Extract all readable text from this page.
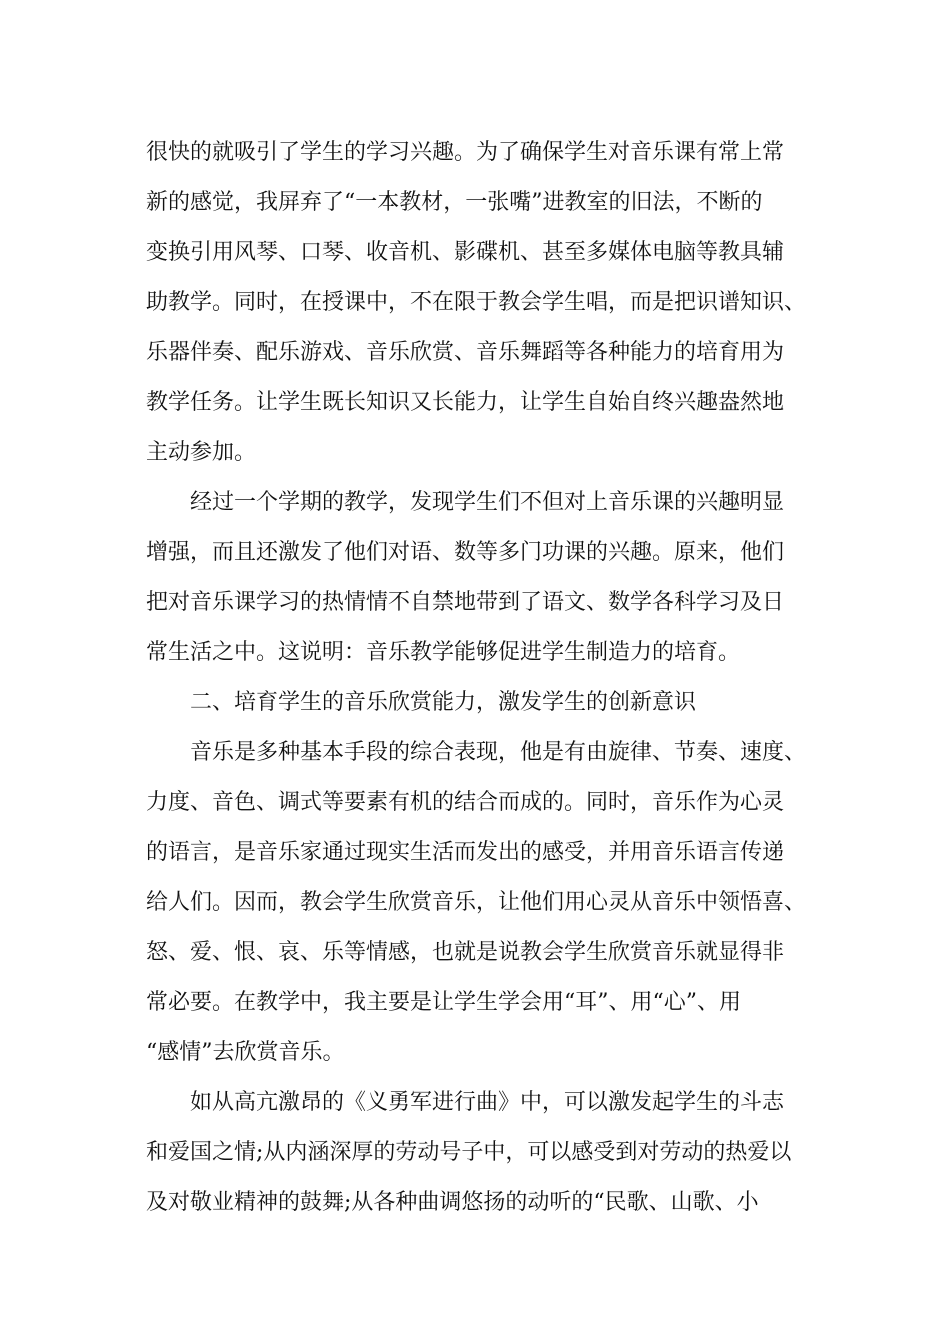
很快的就吸引了学生的学习兴趣。为了确保学生对音乐课有常上常
新的感觉，我屏弃了“一本教材，一张嘴”进教室的旧法，不断的
变换引用风琴、口琴、收音机、影碟机、甚至多媒体电脑等教具辅
助教学。同时，在授课中，不在限于教会学生唱，而是把识谱知识、
乐器伴奏、配乐游戏、音乐欣赏、音乐舞蹈等各种能力的培育用为
教学任务。让学生既长知识又长能力，让学生自始自终兴趣盎然地
主动参加。
经过一个学期的教学，发现学生们不但对上音乐课的兴趣明显
增强，而且还激发了他们对语、数等多门功课的兴趣。原来，他们
把对音乐课学习的热情情不自禁地带到了语文、数学各科学习及日
常生活之中。这说明：音乐教学能够促进学生制造力的培育。
二、培育学生的音乐欣赏能力，激发学生的创新意识
音乐是多种基本手段的综合表现，他是有由旋律、节奏、速度、
力度、音色、调式等要素有机的结合而成的。同时，音乐作为心灵
的语言，是音乐家通过现实生活而发出的感受，并用音乐语言传递
给人们。因而，教会学生欣赏音乐，让他们用心灵从音乐中领悟喜、
怒、爱、恨、哀、乐等情感，也就是说教会学生欣赏音乐就显得非
常必要。在教学中，我主要是让学生学会用“耳”、用“心”、用
“感情”去欣赏音乐。
如从高亢激昂的《义勇军进行曲》中，可以激发起学生的斗志
和爱国之情;从内涵深厚的劳动号子中，可以感受到对劳动的热爱以
及对敬业精神的鼓舞;从各种曲调悠扬的动听的“民歌、山歌、小
